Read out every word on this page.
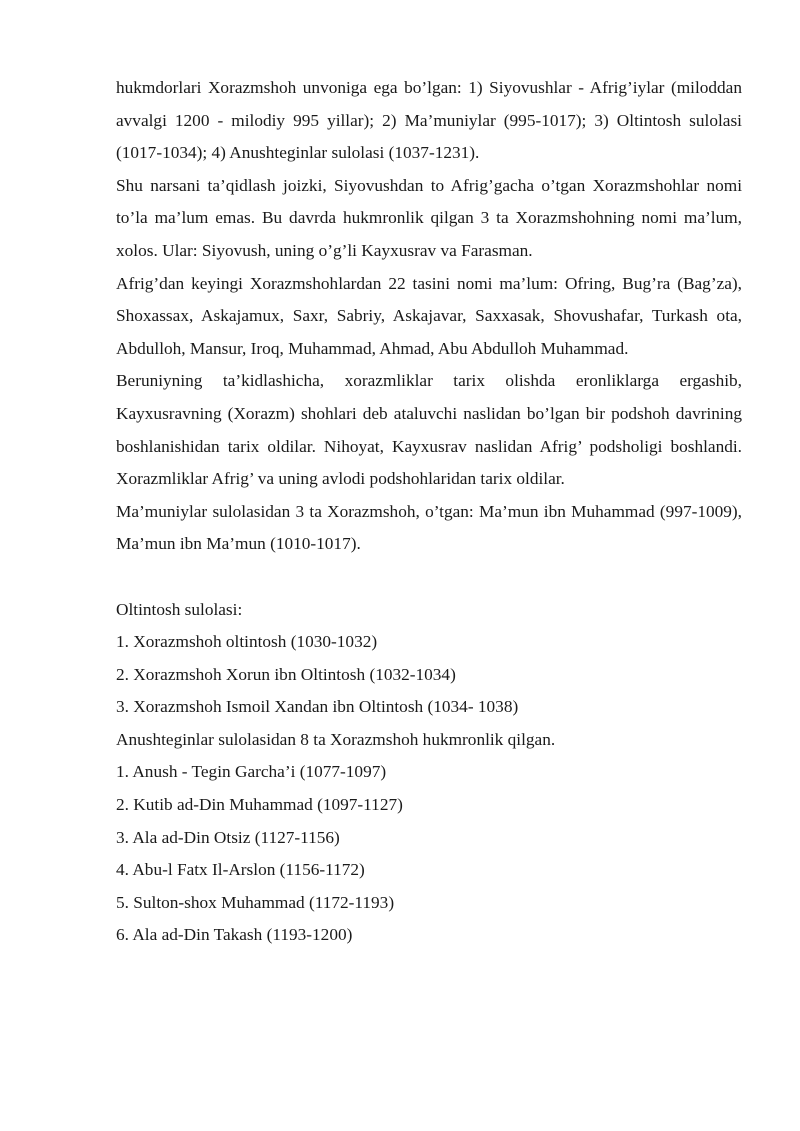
hukmdorlari Xorazmshoh unvoniga ega bo’lgan: 1) Siyovushlar - Afrig’iylar (miloddan avvalgi 1200 - milodiy 995 yillar); 2) Ma’muniylar (995-1017); 3) Oltintosh sulolasi (1017-1034); 4) Anushteginlar sulolasi (1037-1231).

Shu narsani ta’qidlash joizki, Siyovushdan to Afrig’gacha o’tgan Xorazmshohlar nomi to’la ma’lum emas. Bu davrda hukmronlik qilgan 3 ta Xorazmshohning nomi ma’lum, xolos. Ular: Siyovush, uning o’g’li Kayxusrav va Farasman.

Afrig’dan keyingi Xorazmshohlardan 22 tasini nomi ma’lum: Ofring, Bug’ra (Bag’za), Shoxassax, Askajamux, Saxr, Sabriy, Askajavar, Saxxasak, Shovushafar, Turkash ota, Abdulloh, Mansur, Iroq, Muhammad, Ahmad, Abu Abdulloh Muhammad.

Beruniyning ta’kidlashicha, xorazmliklar tarix olishda eronliklarga ergashib, Kayxusravning (Xorazm) shohlari deb ataluvchi naslidan bo’lgan bir podshoh davrining boshlanishidan tarix oldilar. Nihoyat, Kayxusrav naslidan Afrig’ podsholigi boshlandi. Xorazmliklar Afrig’ va uning avlodi podshohlaridan tarix oldilar.

Ma’muniylar sulolasidan 3 ta Xorazmshoh, o’tgan: Ma’mun ibn Muhammad (997-1009), Ma’mun ibn Ma’mun (1010-1017).

Oltintosh sulolasi:

1. Xorazmshoh oltintosh (1030-1032)

2. Xorazmshoh Xorun ibn Oltintosh (1032-1034)

3. Xorazmshoh Ismoil Xandan ibn Oltintosh (1034- 1038)

Anushteginlar sulolasidan 8 ta Xorazmshoh hukmronlik qilgan.

1. Anush - Tegin Garcha’i (1077-1097)

2. Kutib ad-Din Muhammad (1097-1127)

3. Ala ad-Din Otsiz (1127-1156)

4. Abu-l Fatx Il-Arslon (1156-1172)

5. Sulton-shox Muhammad (1172-1193)

6. Ala ad-Din Takash (1193-1200)
